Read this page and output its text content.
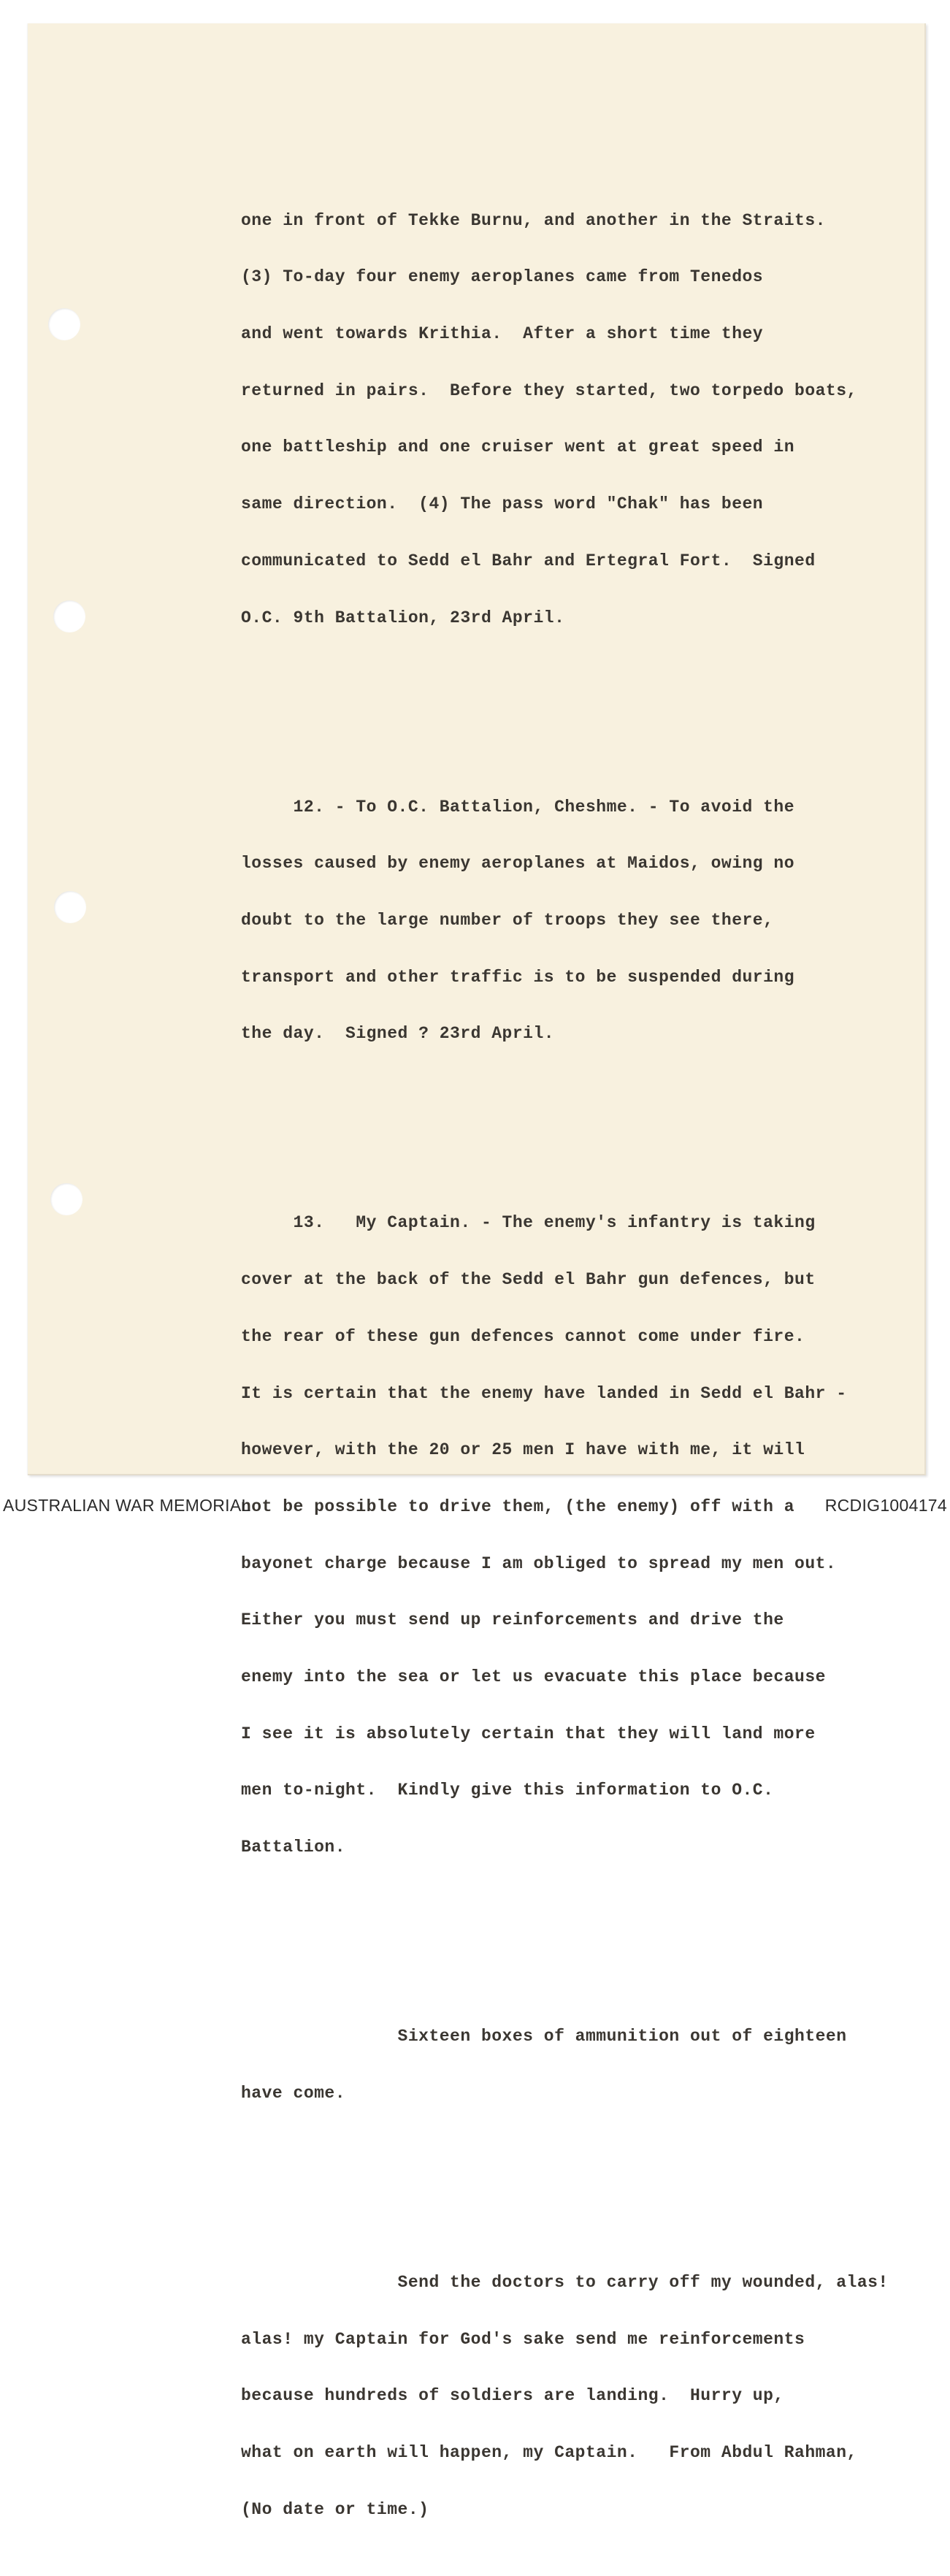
one in front of Tekke Burnu, and another in the Straits.

(3) To-day four enemy aeroplanes came from Tenedos

and went towards Krithia.  After a short time they

returned in pairs.  Before they started, two torpedo boats,

one battleship and one cruiser went at great speed in

same direction.  (4) The pass word "Chak" has been

communicated to Sedd el Bahr and Ertegral Fort.  Signed

O.C. 9th Battalion, 23rd April.

12. - To O.C. Battalion, Cheshme. - To avoid the

losses caused by enemy aeroplanes at Maidos, owing no

doubt to the large number of troops they see there,

transport and other traffic is to be suspended during

the day.  Signed ? 23rd April.

13.   My Captain. - The enemy's infantry is taking

cover at the back of the Sedd el Bahr gun defences, but

the rear of these gun defences cannot come under fire.

It is certain that the enemy have landed in Sedd el Bahr -

however, with the 20 or 25 men I have with me, it will

not be possible to drive them, (the enemy) off with a

bayonet charge because I am obliged to spread my men out.

Either you must send up reinforcements and drive the

enemy into the sea or let us evacuate this place because

I see it is absolutely certain that they will land more

men to-night.  Kindly give this information to O.C.

Battalion.

Sixteen boxes of ammunition out of eighteen

have come.

Send the doctors to carry off my wounded, alas!

alas! my Captain for God's sake send me reinforcements

because hundreds of soldiers are landing.  Hurry up,

what on earth will happen, my Captain.   From Abdul Rahman,

(No date or time.)

AUSTRALIAN WAR MEMORIAL	RCDIG1004174
